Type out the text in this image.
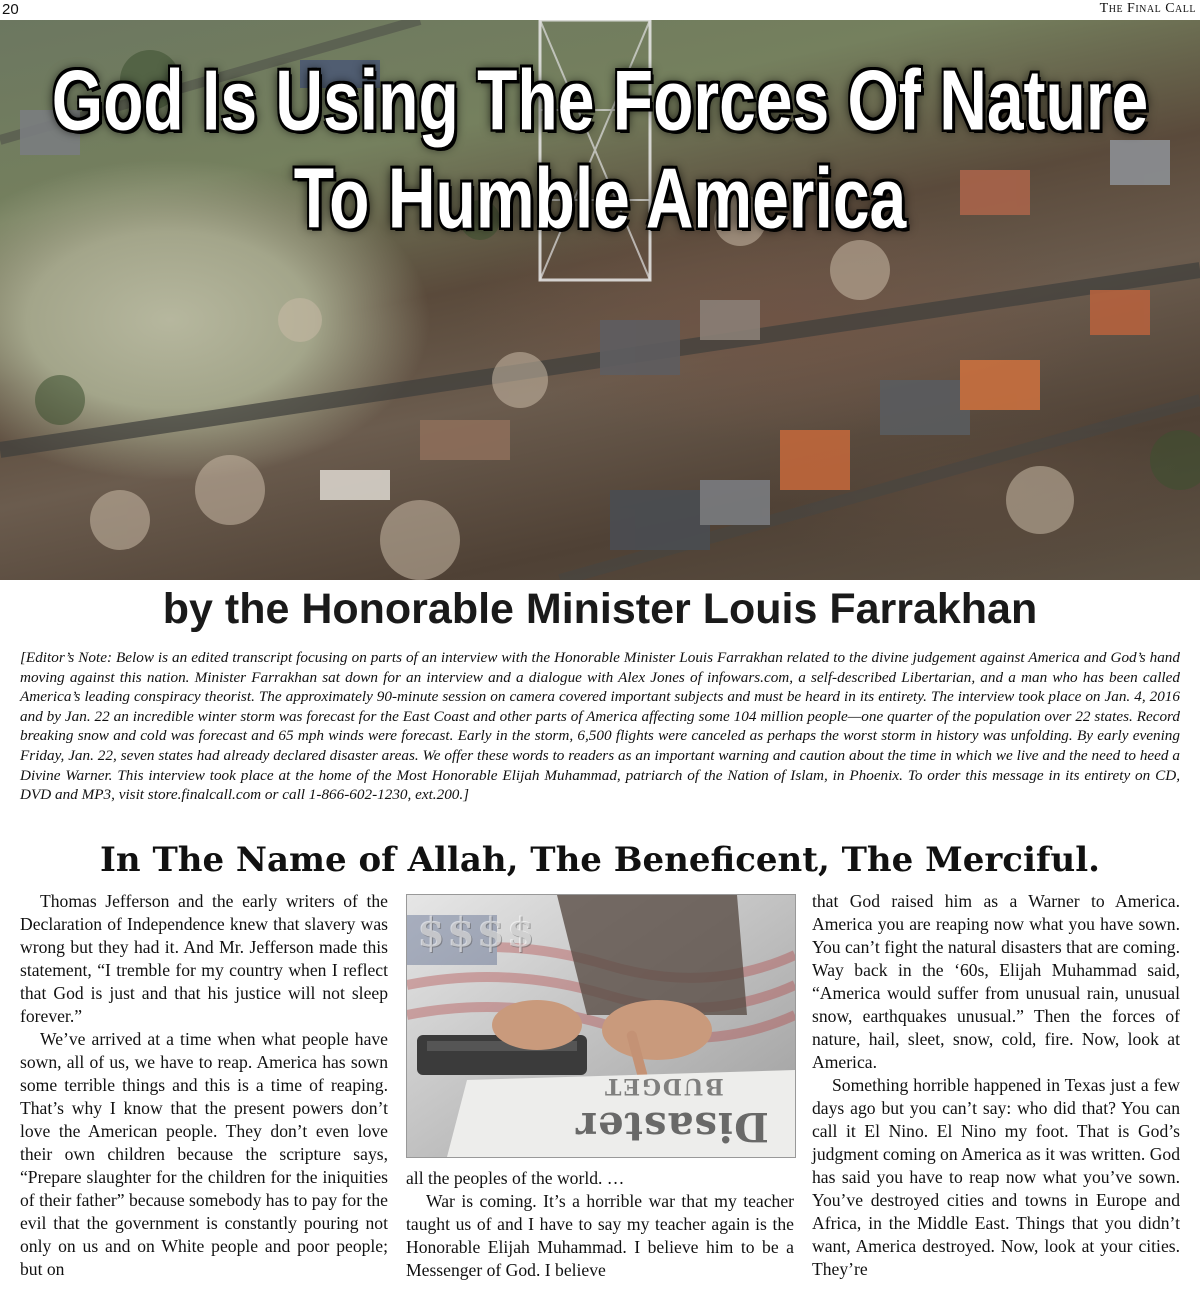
20	The Final Call
God Is Using The Forces Of Nature
To Humble America
by the Honorable Minister Louis Farrakhan
[Editor’s Note: Below is an edited transcript focusing on parts of an interview with the Honorable Minister Louis Farrakhan related to the divine judgement against America and God’s hand moving against this nation. Minister Farrakhan sat down for an interview and a dialogue with Alex Jones of infowars.com, a self-described Libertarian, and a man who has been called America’s leading conspiracy theorist. The approximately 90-minute session on camera covered important subjects and must be heard in its entirety. The interview took place on Jan. 4, 2016 and by Jan. 22 an incredible winter storm was forecast for the East Coast and other parts of America affecting some 104 million people—one quarter of the population over 22 states. Record breaking snow and cold was forecast and 65 mph winds were forecast. Early in the storm, 6,500 flights were canceled as perhaps the worst storm in history was unfolding. By early evening Friday, Jan. 22, seven states had already declared disaster areas. We offer these words to readers as an important warning and caution about the time in which we live and the need to heed a Divine Warner. This interview took place at the home of the Most Honorable Elijah Muhammad, patriarch of the Nation of Islam, in Phoenix. To order this message in its entirety on CD, DVD and MP3, visit store.finalcall.com or call 1-866-602-1230, ext.200.]
In The Name of Allah, The Beneficent, The Merciful.

Thomas Jefferson and the early writers of the Declaration of Independence knew that slavery was wrong but they had it. And Mr. Jefferson made this statement, “I tremble for my country when I reflect that God is just and that his justice will not sleep forever.”

We’ve arrived at a time when what people have sown, all of us, we have to reap. America has sown some terrible things and this is a time of reaping. That’s why I know that the present powers don’t love the American people. They don’t even love their own children because the scripture says, “Prepare slaughter for the children for the iniquities of their father” because somebody has to pay for the evil that the government is constantly pouring not only on us and on White people and poor people; but on

$$$$
BUDGET
Disaster

all the peoples of the world. …

War is coming. It’s a horrible war that my teacher taught us of and I have to say my teacher again is the Honorable Elijah Muhammad. I believe him to be a Messenger of God. I believe

that God raised him as a Warner to America. America you are reaping now what you have sown. You can’t fight the natural disasters that are coming. Way back in the ‘60s, Elijah Muhammad said, “America would suffer from unusual rain, unusual snow, earthquakes unusual.” Then the forces of nature, hail, sleet, snow, cold, fire. Now, look at America.

Something horrible happened in Texas just a few days ago but you can’t say: who did that? You can call it El Nino. El Nino my foot. That is God’s judgment coming on America as it was written. God has said you have to reap now what you’ve sown. You’ve destroyed cities and towns in Europe and Africa, in the Middle East. Things that you didn’t want, America destroyed. Now, look at your cities. They’re
